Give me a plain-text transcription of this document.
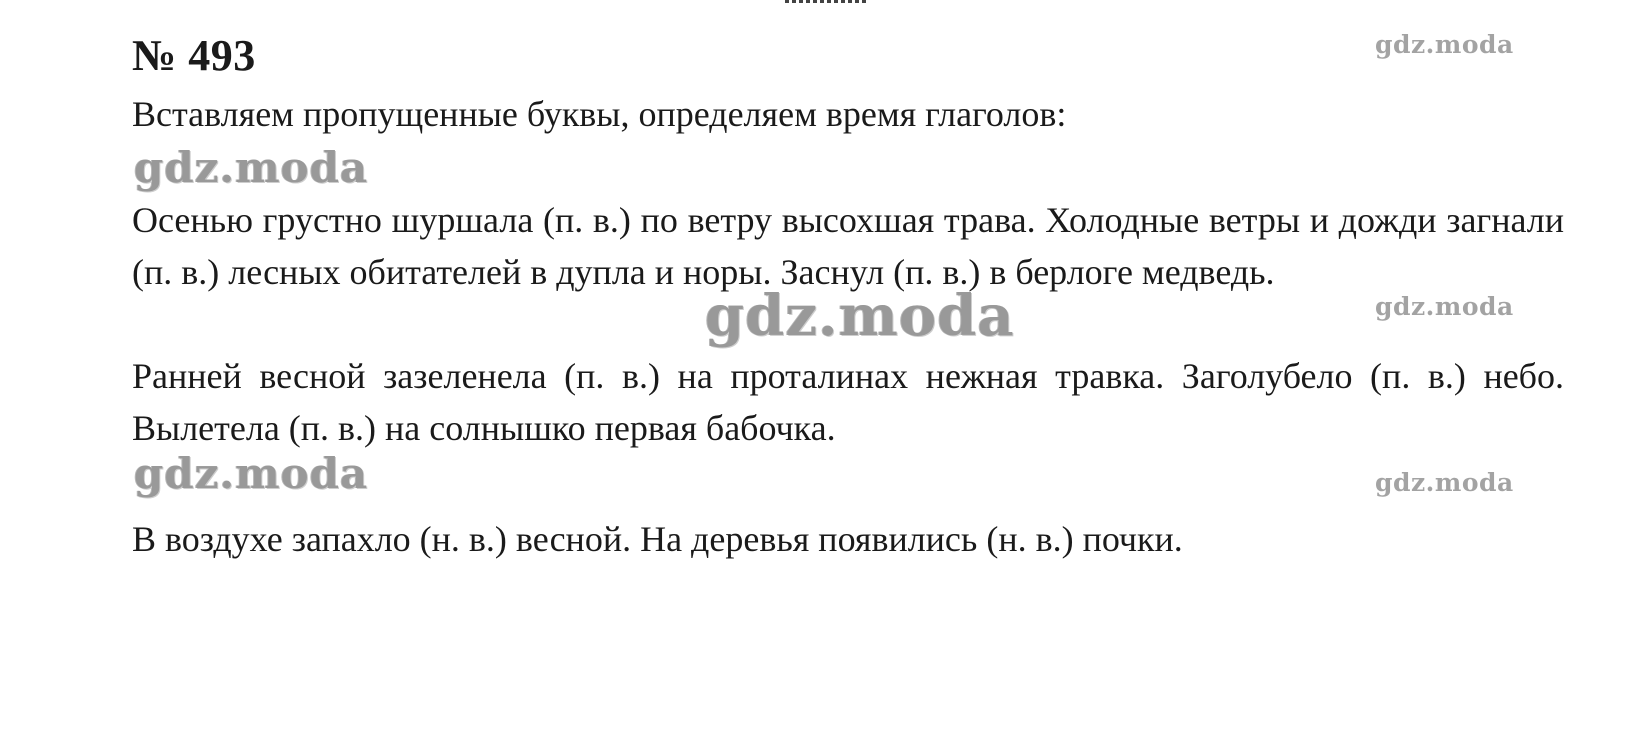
№ 493	gdz.moda
Вставляем пропущенные буквы, определяем время глаголов:
gdz.moda
Осенью грустно шуршала (п. в.) по ветру высохшая трава. Холодные ветры и дожди загнали (п. в.) лесных обитателей в дупла и норы. Заснул (п. в.) в берлоге медведь.
gdz.moda
gdz.moda
Ранней весной зазеленела (п. в.) на проталинах нежная травка. Заголубело (п. в.) небо. Вылетела (п. в.) на солнышко первая бабочка.
gdz.moda	gdz.moda
В воздухе запахло (н. в.) весной. На деревья появились (н. в.) почки.
